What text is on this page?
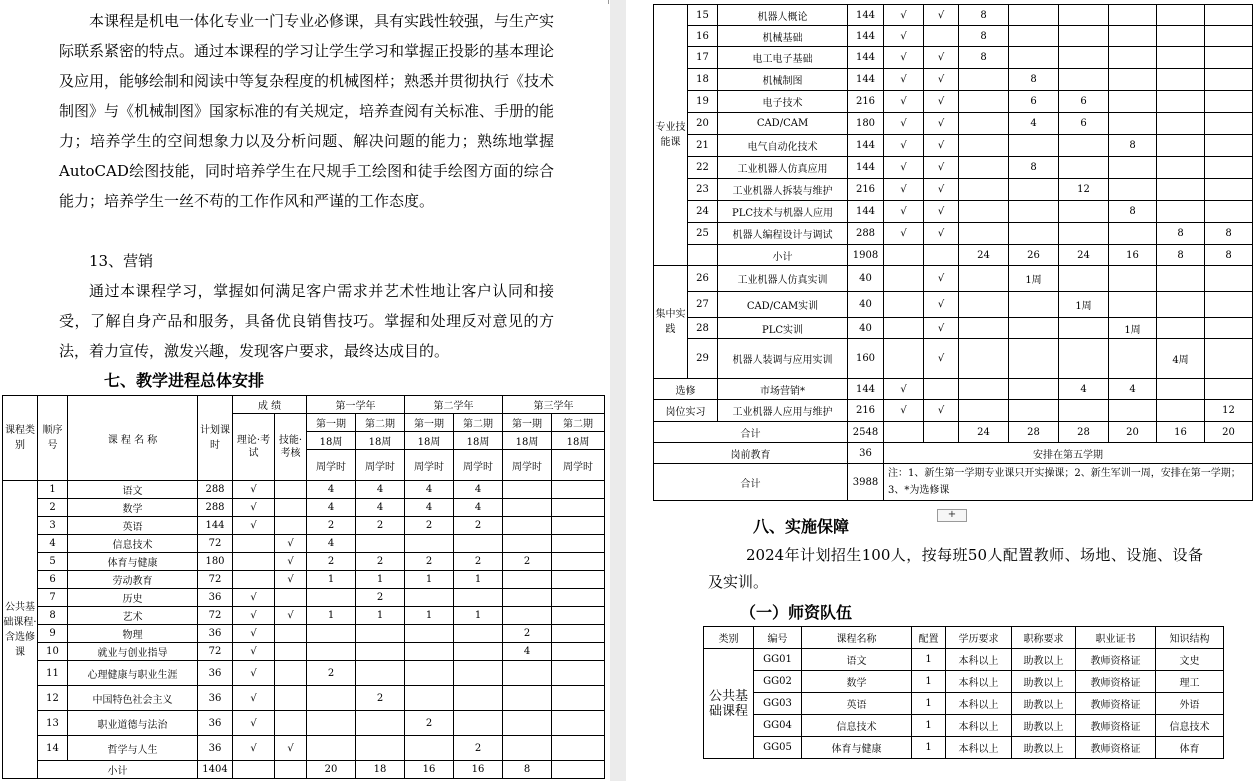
本课程是机电一体化专业一门专业必修课，具有实践性较强，与生产实际联系紧密的特点。通过本课程的学习让学生学习和掌握正投影的基本理论及应用，能够绘制和阅读中等复杂程度的机械图样；熟悉并贯彻执行《技术制图》与《机械制图》国家标准的有关规定，培养查阅有关标准、手册的能力；培养学生的空间想象力以及分析问题、解决问题的能力；熟练地掌握AutoCAD绘图技能，同时培养学生在尺规手工绘图和徒手绘图方面的综合能力；培养学生一丝不苟的工作作风和严谨的工作态度。

13、营销

通过本课程学习，掌握如何满足客户需求并艺术性地让客户认同和接受，了解自身产品和服务，具备优良销售技巧。掌握和处理反对意见的方法，着力宣传，激发兴趣，发现客户要求，最终达成目的。

七、教学进程总体安排

课程类别	顺序号	课 程 名 称	计划课时	成 绩	第一学年	第二学年	第三学年
理论·考试	技能·考核	第一期	第二期	第一期	第二期	第一期	第二期
18周	18周	18周	18周	18周	18周
周学时	周学时	周学时	周学时	周学时	周学时
公共基础课程·含选修课	1	语文	288	√		4	4	4	4		
2	数学	288	√		4	4	4	4		
3	英语	144	√		2	2	2	2		
4	信息技术	72		√	4					
5	体育与健康	180		√	2	2	2	2	2	
6	劳动教育	72		√	1	1	1	1		
7	历史	36	√			2				
8	艺术	72	√	√	1	1	1	1		
9	物理	36	√						2	
10	就业与创业指导	72	√						4	
11	心理健康与职业生涯	36	√		2					
12	中国特色社会主义	36	√			2				
13	职业道德与法治	36	√				2			
14	哲学与人生	36	√	√				2		
小计	1404			20	18	16	16	8	
专业技能课	15	机器人概论	144	√	√	8					
16	机械基础	144	√		8					
17	电工电子基础	144	√	√	8					
18	机械制图	144	√	√		8				
19	电子技术	216	√	√		6	6			
20	CAD/CAM	180	√	√		4	6			
21	电气自动化技术	144	√	√				8		
22	工业机器人仿真应用	144	√	√		8				
23	工业机器人拆装与维护	216	√	√			12			
24	PLC技术与机器人应用	144	√	√				8		
25	机器人编程设计与调试	288	√	√					8	8
	小计	1908			24	26	24	16	8	8
集中实践	26	工业机器人仿真实训	40		√		1周				
27	CAD/CAM实训	40		√			1周			
28	PLC实训	40		√				1周		
29	机器人装调与应用实训	160		√					4周	
选修	市场营销*	144	√				4	4		
岗位实习	工业机器人应用与维护	216	√	√						12
合计	2548			24	28	28	20	16	20
岗前教育	36	安排在第五学期
合计	3988	注：1、新生第一学期专业课只开实操课；2、新生军训一周，安排在第一学期；3、*为选修课
+

八、实施保障

2024年计划招生100人，按每班50人配置教师、场地、设施、设备及实训。

（一）师资队伍

类别	编号	课程名称	配置	学历要求	职称要求	职业证书	知识结构
公共基础课程	GG01	语文	1	本科以上	助教以上	教师资格证	文史
GG02	数学	1	本科以上	助教以上	教师资格证	理工
GG03	英语	1	本科以上	助教以上	教师资格证	外语
GG04	信息技术	1	本科以上	助教以上	教师资格证	信息技术
GG05	体育与健康	1	本科以上	助教以上	教师资格证	体育
